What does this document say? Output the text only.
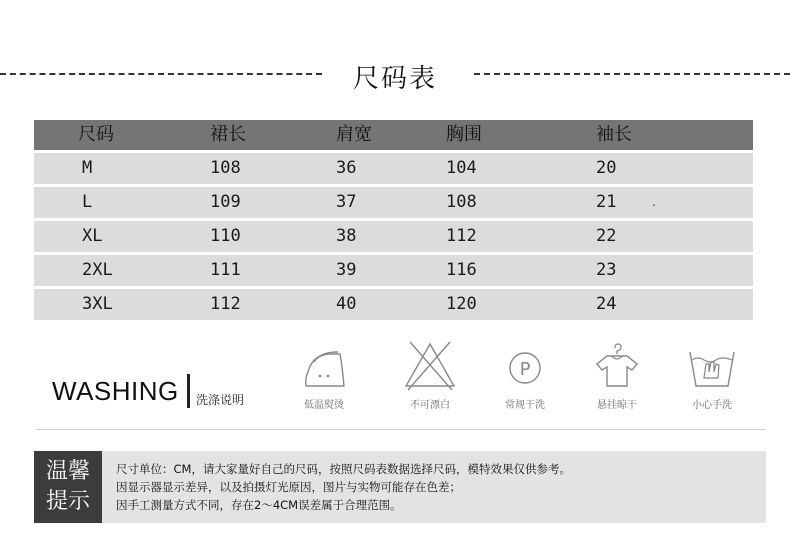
尺码表
尺码	裙长	肩宽	胸围	袖长
M	108	36	104	20
L	109	37	108	21	.
XL	110	38	112	22
2XL	111	39	116	23
3XL	112	40	120	24
WASHING 洗涤说明	低温熨烫	不可漂白
P
常规干洗	悬挂晾干	小心手洗
温馨
提示
尺寸单位：CM，请大家量好自己的尺码，按照尺码表数据选择尺码，模特效果仅供参考。
因显示器显示差异，以及拍摄灯光原因，图片与实物可能存在色差；
因手工测量方式不同，存在2～4CM误差属于合理范围。
